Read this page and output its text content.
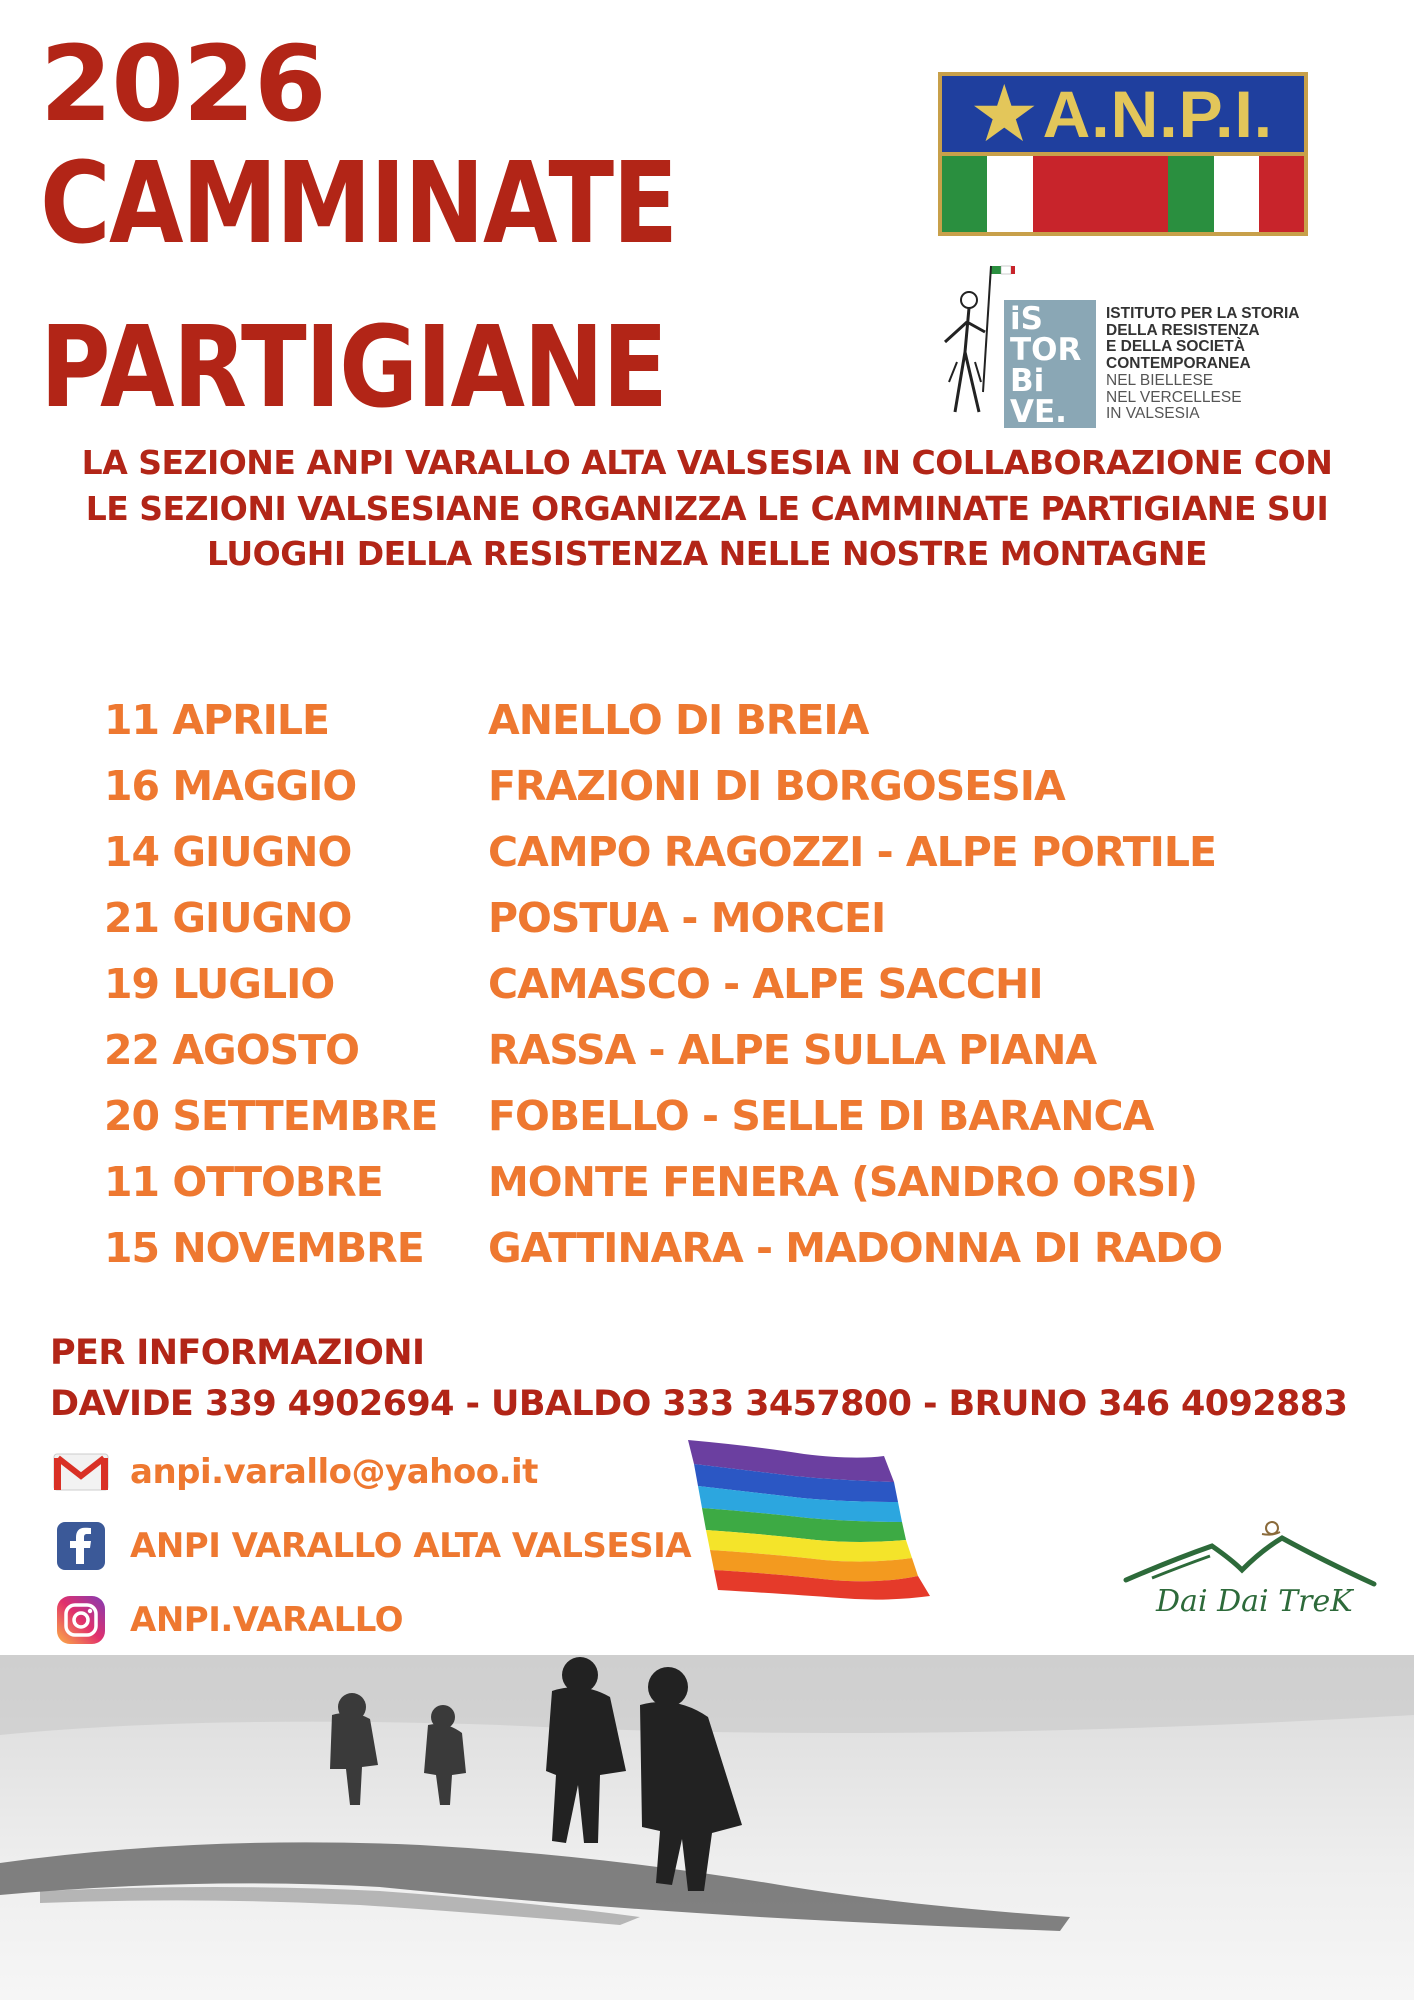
2026
CAMMINATE
PARTIGIANE
★ A.N.P.I.
iS
TOR
Bi
VE.
ISTITUTO PER LA STORIA
DELLA RESISTENZA
E DELLA SOCIETÀ
CONTEMPORANEA
NEL BIELLESE
NEL VERCELLESE
IN VALSESIA
LA SEZIONE ANPI VARALLO ALTA VALSESIA IN COLLABORAZIONE CON
LE SEZIONI VALSESIANE ORGANIZZA LE CAMMINATE PARTIGIANE SUI
LUOGHI DELLA RESISTENZA NELLE NOSTRE MONTAGNE
11 APRILE	ANELLO DI BREIA
16 MAGGIO	FRAZIONI DI BORGOSESIA
14 GIUGNO	CAMPO RAGOZZI - ALPE PORTILE
21 GIUGNO	POSTUA - MORCEI
19 LUGLIO	CAMASCO - ALPE SACCHI
22 AGOSTO	RASSA - ALPE SULLA PIANA
20 SETTEMBRE FOBELLO - SELLE DI BARANCA
11 OTTOBRE	MONTE FENERA (SANDRO ORSI)
15 NOVEMBRE GATTINARA - MADONNA DI RADO
PER INFORMAZIONI
DAVIDE 339 4902694 - UBALDO 333 3457800 - BRUNO 346 4092883
anpi.varallo@yahoo.it
ANPI VARALLO ALTA VALSESIA
ANPI.VARALLO	Dai Dai TreK
